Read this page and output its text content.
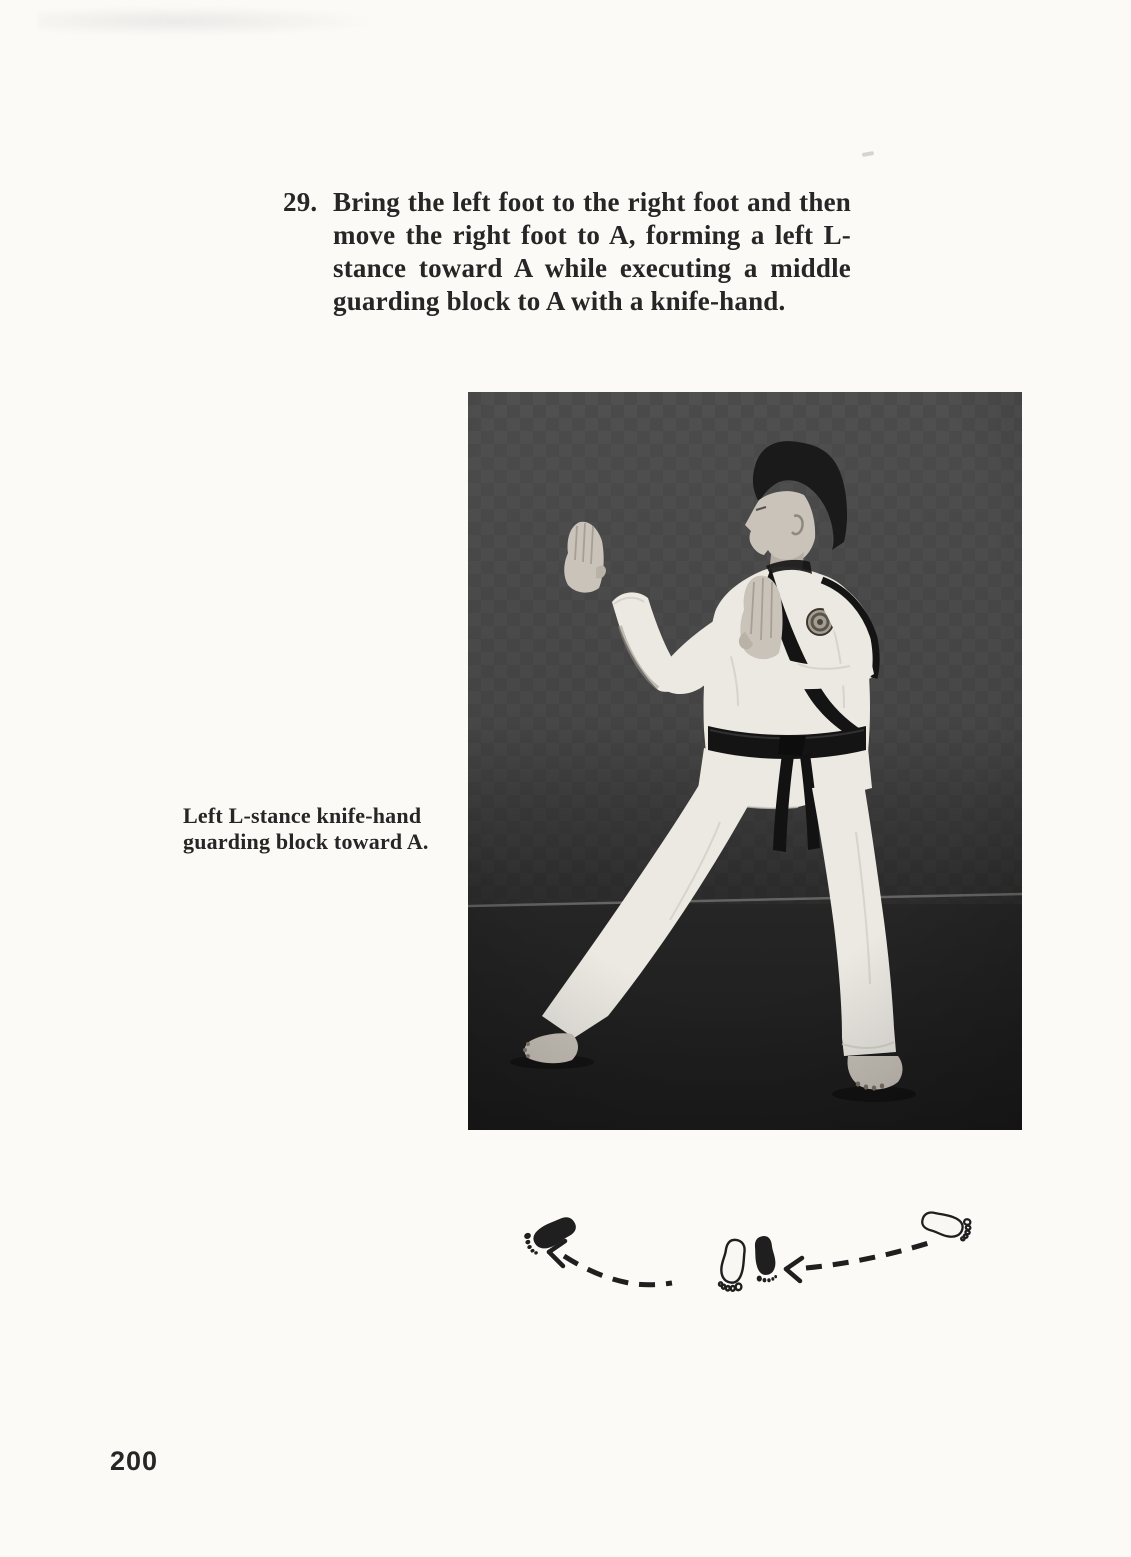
29. Bring the left foot to the right foot and then
move the right foot to A, forming a left L-
stance toward A while executing a middle
guarding block to A with a knife-hand.
Left L-stance knife-hand
guarding block toward A.
200
